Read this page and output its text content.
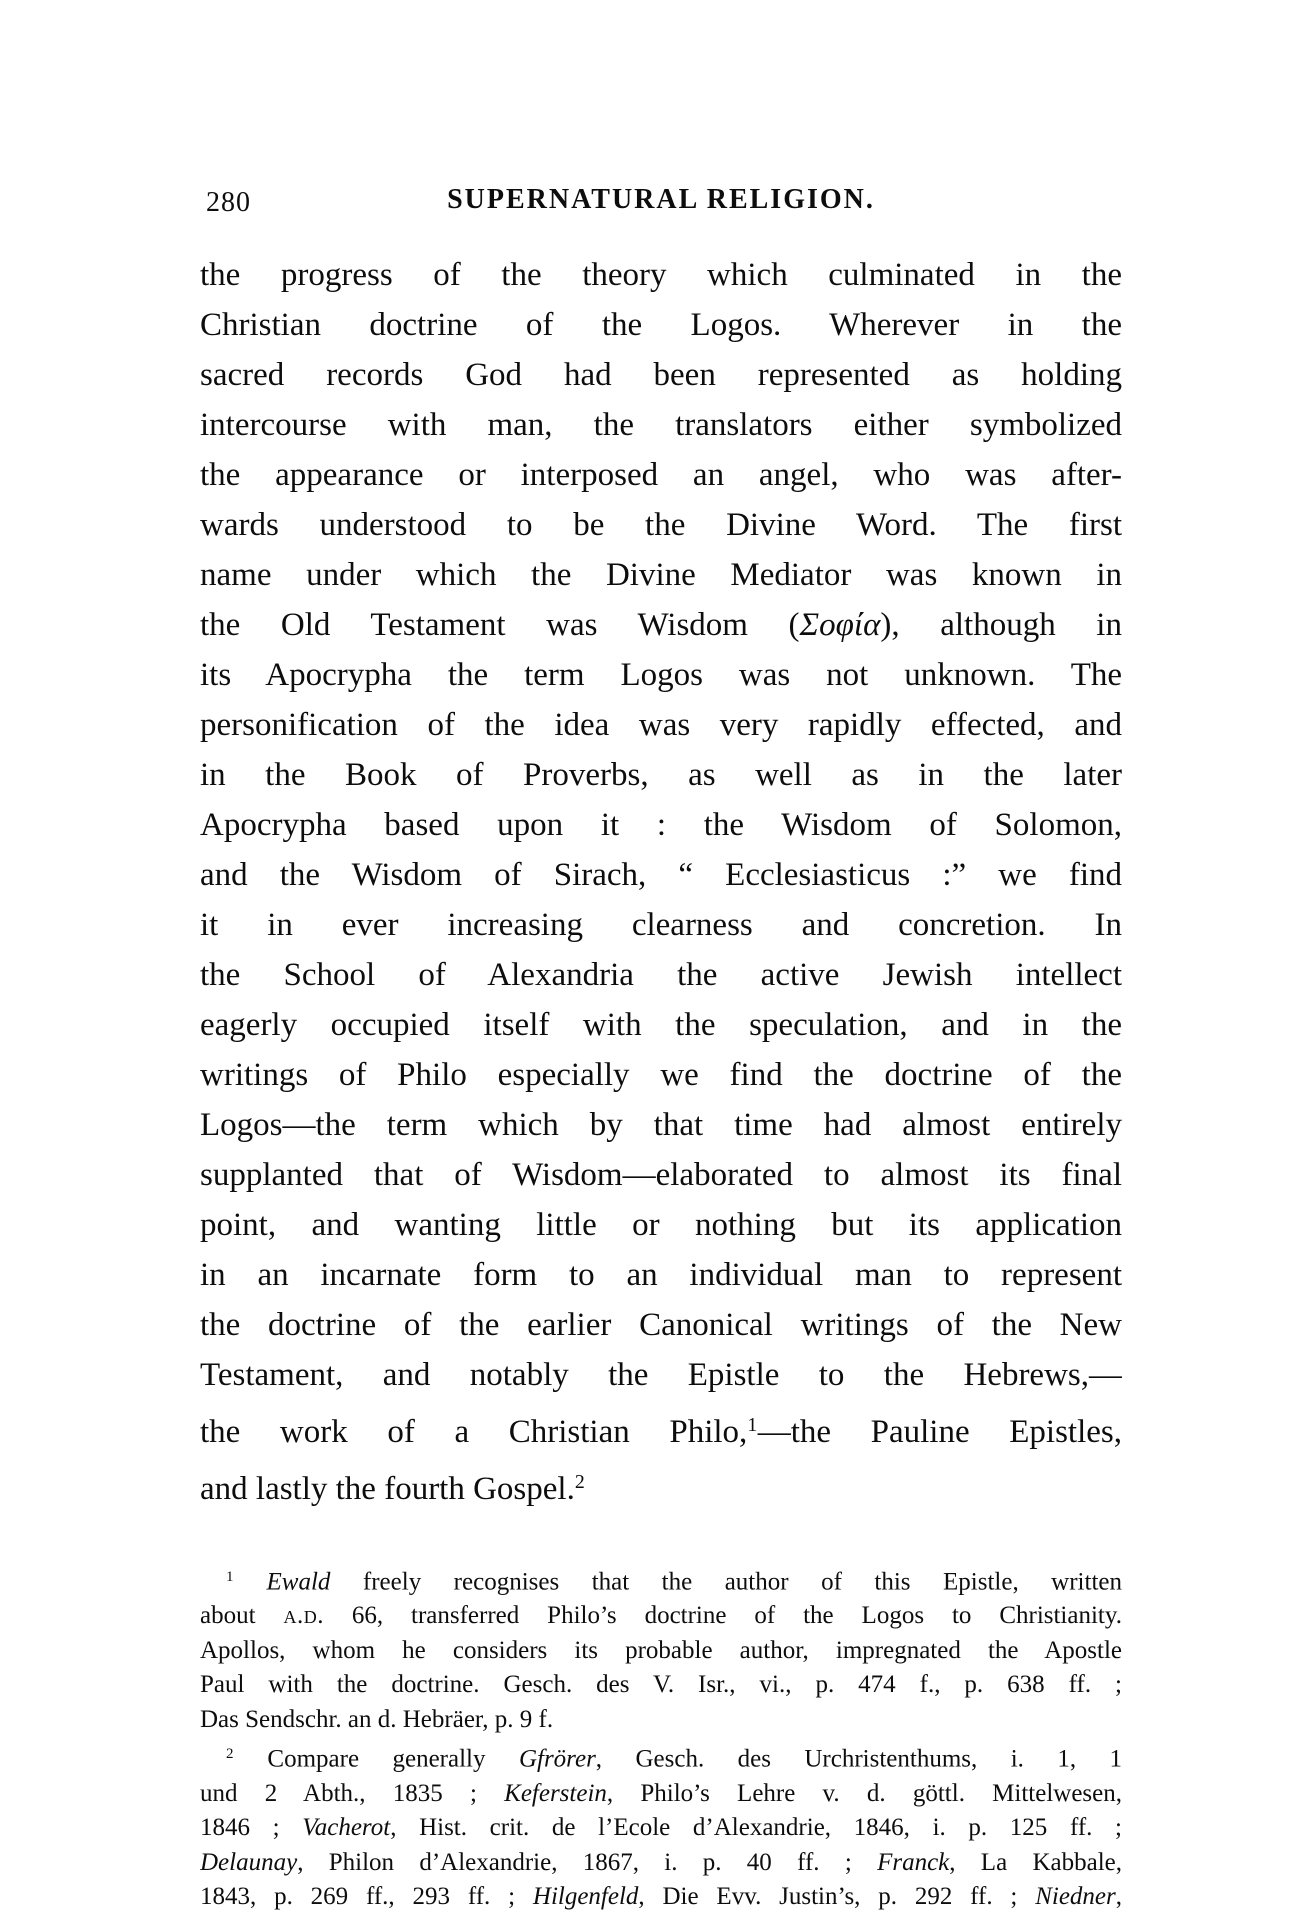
280	SUPERNATURAL RELIGION.
the progress of the theory which culminated in the
Christian doctrine of the Logos. Wherever in the
sacred records God had been represented as holding
intercourse with man, the translators either symbolized
the appearance or interposed an angel, who was after-
wards understood to be the Divine Word. The first
name under which the Divine Mediator was known in
the Old Testament was Wisdom (Σοφία), although in
its Apocrypha the term Logos was not unknown. The
personification of the idea was very rapidly effected, and
in the Book of Proverbs, as well as in the later
Apocrypha based upon it : the Wisdom of Solomon,
and the Wisdom of Sirach, “ Ecclesiasticus :” we find
it in ever increasing clearness and concretion. In
the School of Alexandria the active Jewish intellect
eagerly occupied itself with the speculation, and in the
writings of Philo especially we find the doctrine of the
Logos—the term which by that time had almost entirely
supplanted that of Wisdom—elaborated to almost its final
point, and wanting little or nothing but its application
in an incarnate form to an individual man to represent
the doctrine of the earlier Canonical writings of the New
Testament, and notably the Epistle to the Hebrews,—
the work of a Christian Philo,$^1$—the Pauline Epistles,
and lastly the fourth Gospel.$^2$
$^1$ Ewald freely recognises that the author of this Epistle, written
about a.d. 66, transferred Philo’s doctrine of the Logos to Christianity.
Apollos, whom he considers its probable author, impregnated the Apostle
Paul with the doctrine. Gesch. des V. Isr., vi., p. 474 f., p. 638 ff. ;
Das Sendschr. an d. Hebräer, p. 9 f.
$^2$ Compare generally Gfrörer, Gesch. des Urchristenthums, i. 1, 1
und 2 Abth., 1835 ; Keferstein, Philo’s Lehre v. d. göttl. Mittelwesen,
1846 ; Vacherot, Hist. crit. de l’Ecole d’Alexandrie, 1846, i. p. 125 ff. ;
Delaunay, Philon d’Alexandrie, 1867, i. p. 40 ff. ; Franck, La Kabbale,
1843, p. 269 ff., 293 ff. ; Hilgenfeld, Die Evv. Justin’s, p. 292 ff. ; Niedner,
